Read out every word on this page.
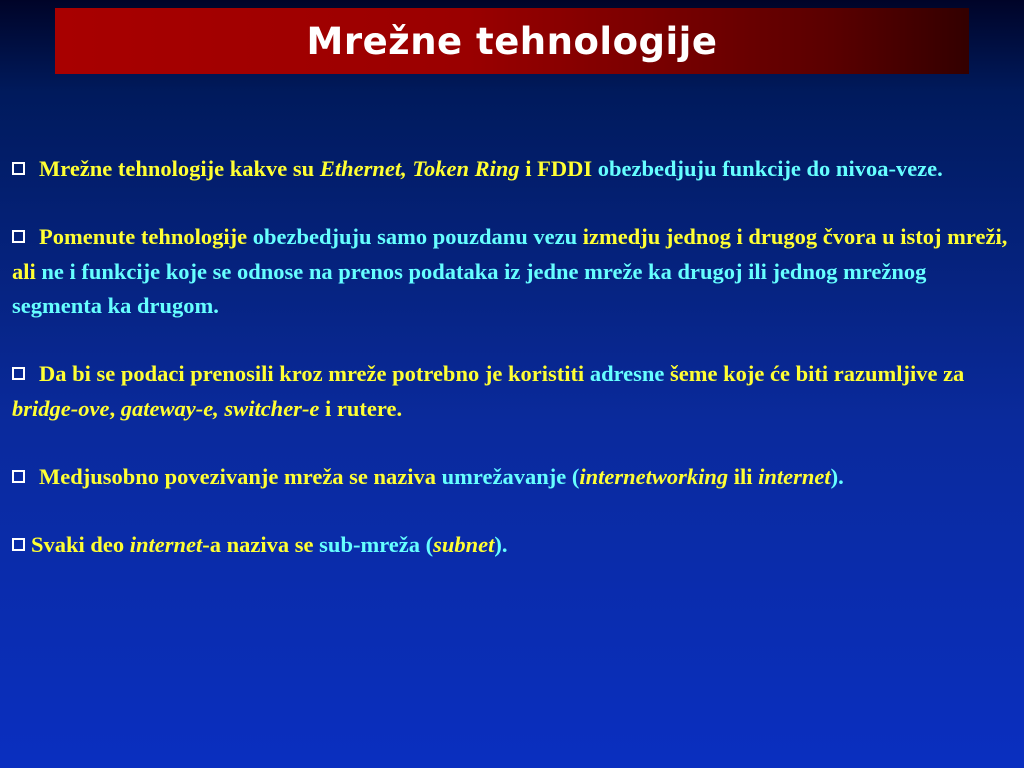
Mrežne tehnologije

Mrežne tehnologije kakve su Ethernet, Token Ring i FDDI obezbedjuju funkcije do nivoa-veze.

Pomenute tehnologije obezbedjuju samo pouzdanu vezu izmedju jednog i drugog čvora u istoj mreži, ali ne i funkcije koje se odnose na prenos podataka iz jedne mreže ka drugoj ili jednog mrežnog segmenta ka drugom.

Da bi se podaci prenosili kroz mreže potrebno je koristiti adresne šeme koje će biti razumljive za bridge-ove, gateway-e, switcher-e i rutere.

Medjusobno povezivanje mreža se naziva umrežavanje (internetworking ili internet).

Svaki deo internet-a naziva se sub-mreža (subnet).
